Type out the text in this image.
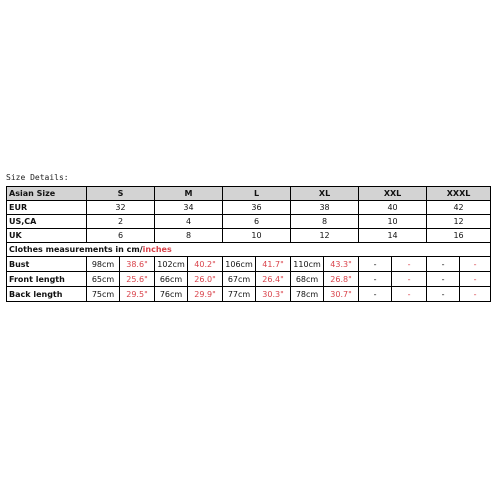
Size Details:
Asian Size	S		M		L		XL		XXL		XXXL	
EUR	32		34		36		38		40		42	
US,CA	2		4		6		8		10		12	
UK	6		8		10		12		14		16	
Clothes measurements in cm/inches												
Bust	98cm	38.6"	102cm	40.2"	106cm	41.7"	110cm	43.3"	-	-	-	-
Front length	65cm	25.6"	66cm	26.0"	67cm	26.4"	68cm	26.8"	-	-	-	-
Back length	75cm	29.5"	76cm	29.9"	77cm	30.3"	78cm	30.7"	-	-	-	-
